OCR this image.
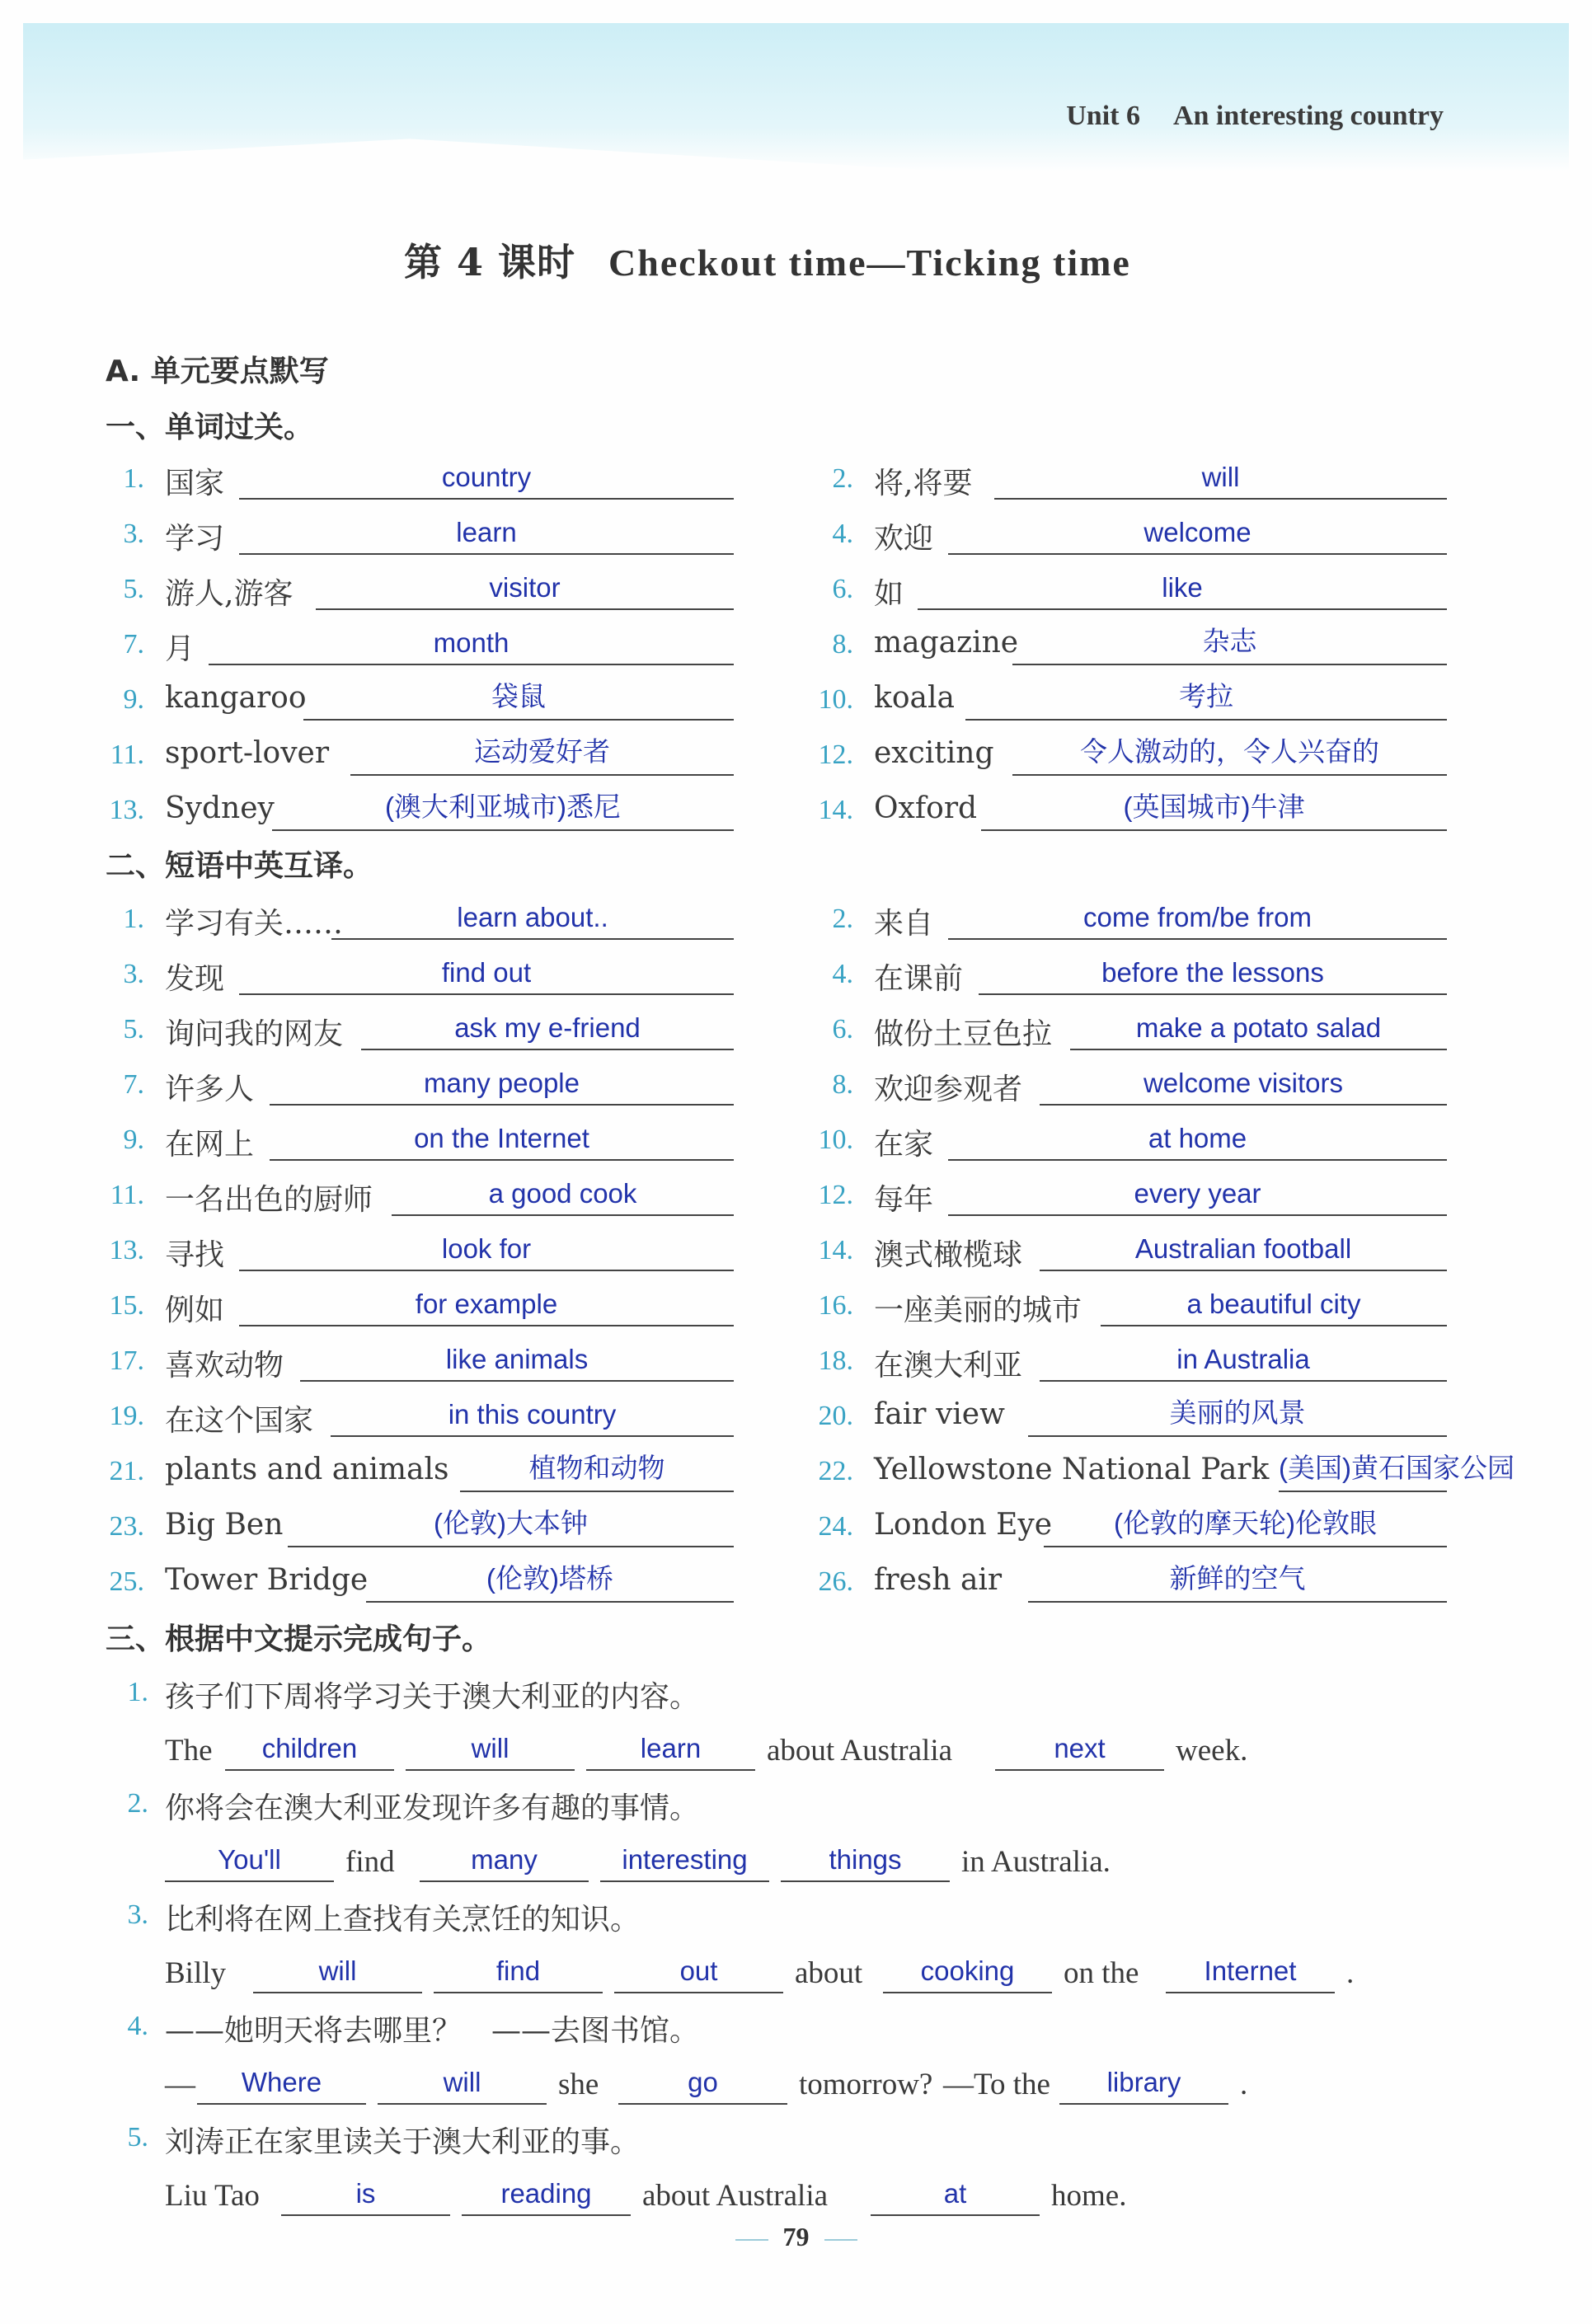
Unit 6 An interesting country
第 4 课时 Checkout time—Ticking time
A. 单元要点默写
一、单词过关。
二、短语中英互译。
三、根据中文提示完成句子。
1. 国家	country	2. 将,将要	will
3. 学习	learn	4. 欢迎	welcome
5. 游人,游客	visitor	6. 如	like
7. 月	month	8. magazine	杂志
9. kangaroo	袋鼠	10. koala	考拉
11. sport-lover	运动爱好者	12. exciting	令人激动的，令人兴奋的
13. Sydney	(澳大利亚城市)悉尼	14. Oxford	(英国城市)牛津
1. 学习有关……	learn about..	2. 来自	come from/be from
3. 发现	find out	4. 在课前	before the lessons
5. 询问我的网友	ask my e-friend	6. 做份土豆色拉	make a potato salad
7. 许多人	many people	8. 欢迎参观者	welcome visitors
9. 在网上	on the Internet	10. 在家	at home
11. 一名出色的厨师	a good cook	12. 每年	every year
13. 寻找	look for	14. 澳式橄榄球	Australian football
15. 例如	for example	16. 一座美丽的城市	a beautiful city
17. 喜欢动物	like animals	18. 在澳大利亚	in Australia
19. 在这个国家	in this country	20. fair view	美丽的风景
21. plants and animals	植物和动物	22. Yellowstone National Park (美国)黄石国家公园
23. Big Ben	(伦敦)大本钟	24. London Eye	(伦敦的摩天轮)伦敦眼
25. Tower Bridge	(伦敦)塔桥	26. fresh air	新鲜的空气
1. 孩子们下周将学习关于澳大利亚的内容。
The	children	will	learn	about Australia	next	week.
2. 你将会在澳大利亚发现许多有趣的事情。
You'll	find	many	interesting	things	in Australia.
3. 比利将在网上查找有关烹饪的知识。
Billy	will	find	out	about	cooking	on the	Internet	.
4. ——她明天将去哪里？　——去图书馆。
—	Where	will	she	go	tomorrow? —To the	library	.
5. 刘涛正在家里读关于澳大利亚的事。
Liu Tao	is	reading	about Australia	at	home.
79
